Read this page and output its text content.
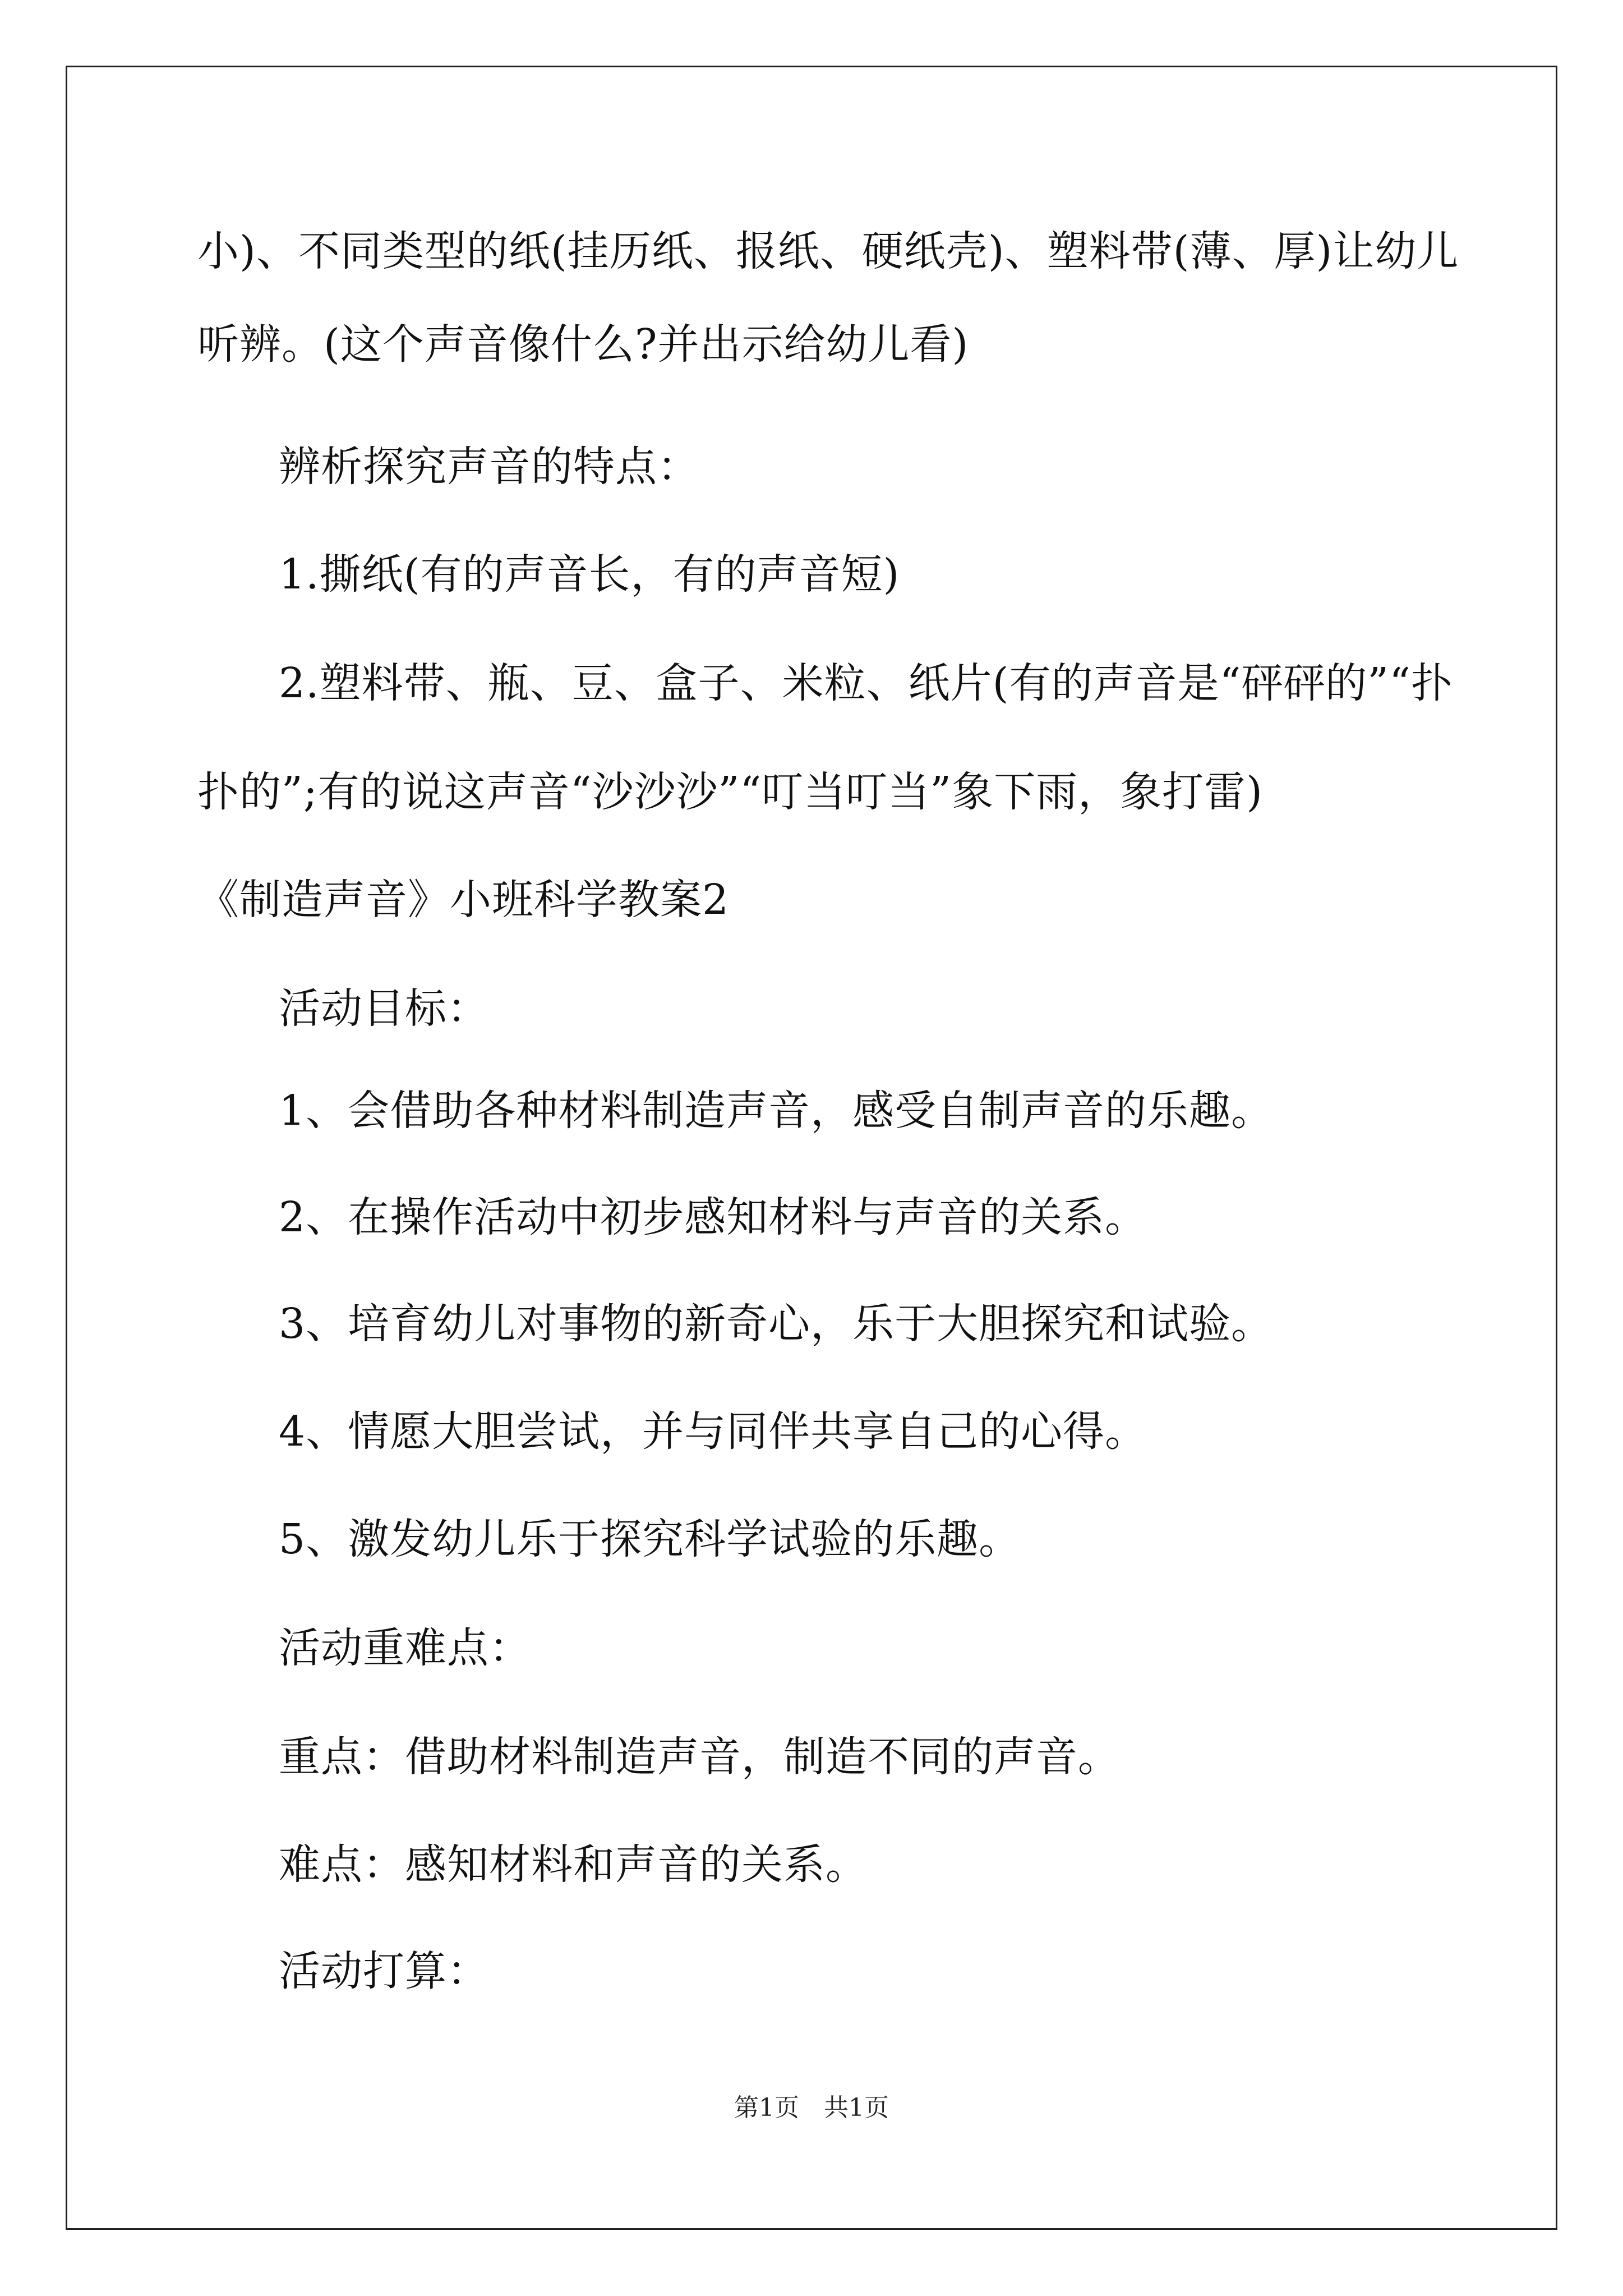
小)、不同类型的纸(挂历纸、报纸、硬纸壳)、塑料带(薄、厚)让幼儿
听辨。(这个声音像什么?并出示给幼儿看)
辨析探究声音的特点：
1.撕纸(有的声音长，有的声音短)
2.塑料带、瓶、豆、盒子、米粒、纸片(有的声音是“砰砰的”“扑
扑的”;有的说这声音“沙沙沙”“叮当叮当”象下雨，象打雷)
《制造声音》小班科学教案2
活动目标：
1、会借助各种材料制造声音，感受自制声音的乐趣。
2、在操作活动中初步感知材料与声音的关系。
3、培育幼儿对事物的新奇心，乐于大胆探究和试验。
4、情愿大胆尝试，并与同伴共享自己的心得。
5、激发幼儿乐于探究科学试验的乐趣。
活动重难点：
重点：借助材料制造声音，制造不同的声音。
难点：感知材料和声音的关系。
活动打算：
第1页　共1页
